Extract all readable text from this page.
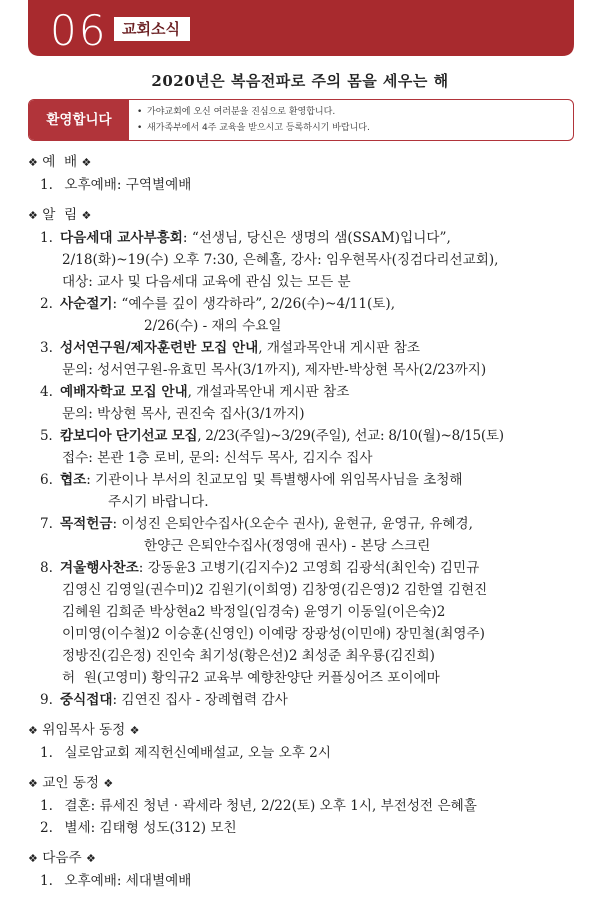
06 교회소식
2020년은 복음전파로 주의 몸을 세우는 해
환영합니다
•	가야교회에 오신 여러분을 진심으로 환영합니다.
• 새가족부에서 4주 교육을 받으시고 등록하시기 바랍니다.
❖ 예  배 ❖
1. 오후예배: 구역별예배
❖ 알  림 ❖
1. 다음세대 교사부흥회: “선생님, 당신은 생명의 샘(SSAM)입니다”,
2/18(화)~19(수) 오후 7:30, 은혜홀, 강사: 임우현목사(징검다리선교회),
대상: 교사 및 다음세대 교육에 관심 있는 모든 분
2. 사순절기: “예수를 깊이 생각하라”, 2/26(수)~4/11(토),
2/26(수) - 재의 수요일
3. 성서연구원/제자훈련반 모집 안내, 개설과목안내 게시판 참조
문의: 성서연구원-유효민 목사(3/1까지), 제자반-박상현 목사(2/23까지)
4. 예배자학교 모집 안내, 개설과목안내 게시판 참조
문의: 박상현 목사, 권진숙 집사(3/1까지)
5. 캄보디아 단기선교 모집, 2/23(주일)~3/29(주일), 선교: 8/10(월)~8/15(토)
접수: 본관 1층 로비, 문의: 신석두 목사, 김지수 집사
6. 협조: 기관이나 부서의 친교모임 및 특별행사에 위임목사님을 초청해
주시기 바랍니다.
7. 목적헌금: 이성진 은퇴안수집사(오순수 권사), 윤현규, 윤영규, 유혜경,
한양근 은퇴안수집사(정영애 권사) - 본당 스크린
8. 겨울행사찬조: 강동윤3 고병기(김지수)2 고영희 김광석(최인숙) 김민규
김영신 김영일(권수미)2 김원기(이희영) 김창영(김은영)2 김한열 김현진
김혜원 김희준 박상현a2 박정일(임경숙) 윤영기 이동일(이은숙)2
이미영(이수철)2 이승훈(신영인) 이예랑 장광성(이민애) 장민철(최영주)
정방진(김은정) 진인숙 최기성(황은선)2 최성준 최우룡(김진희)
허  원(고영미) 황익규2 교육부 예향찬양단 커플싱어즈 포이에마
9. 중식접대: 김연진 집사 - 장례협력 감사
❖ 위임목사 동정 ❖
1. 실로암교회 제직헌신예배설교, 오늘 오후 2시
❖ 교인 동정 ❖
1. 결혼: 류세진 청년 · 곽세라 청년, 2/22(토) 오후 1시, 부전성전 은혜홀
2. 별세: 김태형 성도(312) 모친
❖ 다음주 ❖
1. 오후예배: 세대별예배
